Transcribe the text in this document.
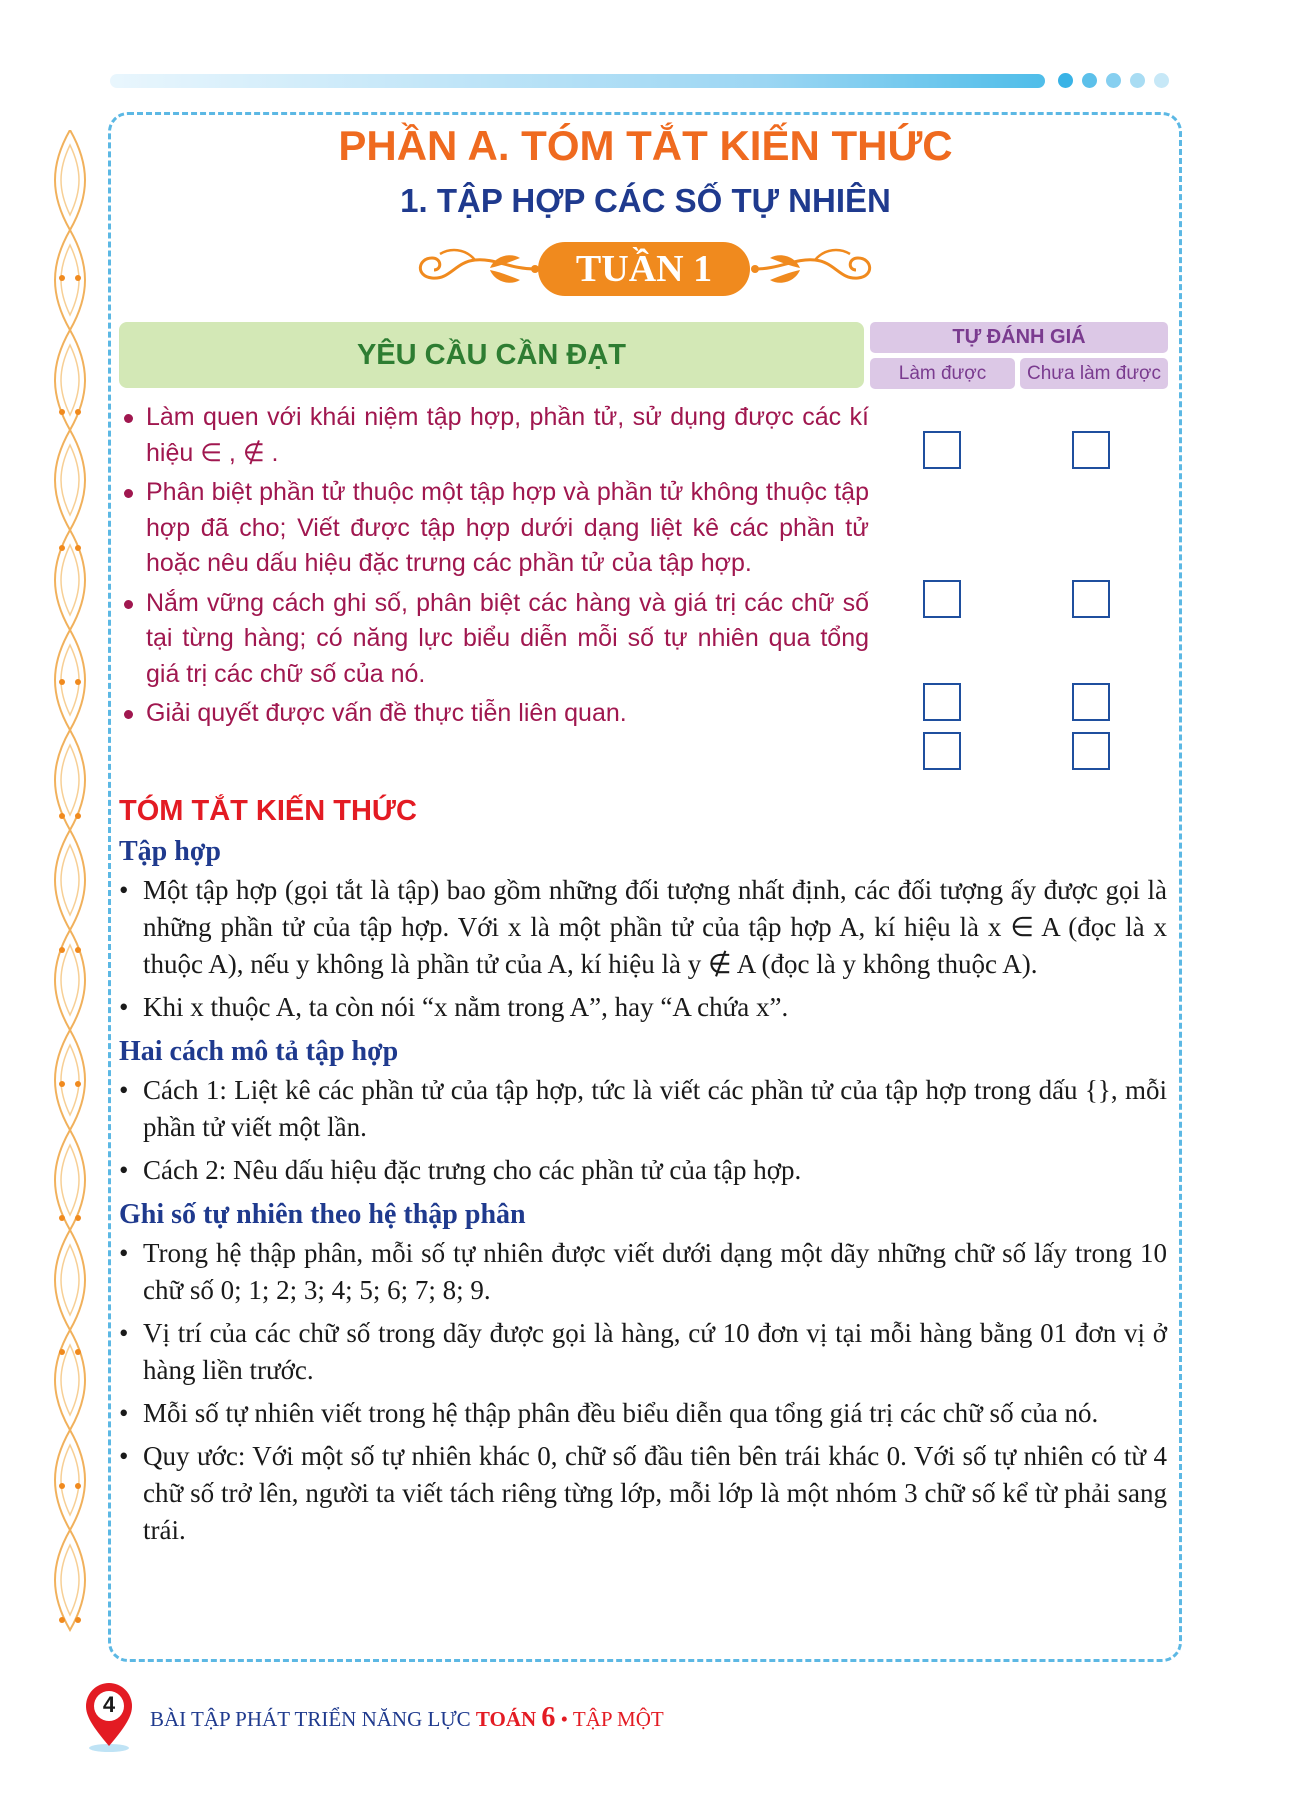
PHẦN A. TÓM TẮT KIẾN THỨC
1. TẬP HỢP CÁC SỐ TỰ NHIÊN
TUẦN 1
YÊU CẦU CẦN ĐẠT
TỰ ĐÁNH GIÁ
Làm được	Chưa làm được
Làm quen với khái niệm tập hợp, phần tử, sử dụng được các kí hiệu ∈ , ∉ .
Phân biệt phần tử thuộc một tập hợp và phần tử không thuộc tập hợp đã cho; Viết được tập hợp dưới dạng liệt kê các phần tử hoặc nêu dấu hiệu đặc trưng các phần tử của tập hợp.
Nắm vững cách ghi số, phân biệt các hàng và giá trị các chữ số tại từng hàng; có năng lực biểu diễn mỗi số tự nhiên qua tổng giá trị các chữ số của nó.
Giải quyết được vấn đề thực tiễn liên quan.
TÓM TẮT KIẾN THỨC
Tập hợp

• Một tập hợp (gọi tắt là tập) bao gồm những đối tượng nhất định, các đối tượng ấy được gọi là những phần tử của tập hợp. Với x là một phần tử của tập hợp A, kí hiệu là x ∈ A (đọc là x thuộc A), nếu y không là phần tử của A, kí hiệu là y ∉ A (đọc là y không thuộc A).

• Khi x thuộc A, ta còn nói “x nằm trong A”, hay “A chứa x”.

Hai cách mô tả tập hợp

• Cách 1: Liệt kê các phần tử của tập hợp, tức là viết các phần tử của tập hợp trong dấu {}, mỗi phần tử viết một lần.

• Cách 2: Nêu dấu hiệu đặc trưng cho các phần tử của tập hợp.

Ghi số tự nhiên theo hệ thập phân

• Trong hệ thập phân, mỗi số tự nhiên được viết dưới dạng một dãy những chữ số lấy trong 10 chữ số 0; 1; 2; 3; 4; 5; 6; 7; 8; 9.

• Vị trí của các chữ số trong dãy được gọi là hàng, cứ 10 đơn vị tại mỗi hàng bằng 01 đơn vị ở hàng liền trước.

• Mỗi số tự nhiên viết trong hệ thập phân đều biểu diễn qua tổng giá trị các chữ số của nó.

• Quy ước: Với một số tự nhiên khác 0, chữ số đầu tiên bên trái khác 0. Với số tự nhiên có từ 4 chữ số trở lên, người ta viết tách riêng từng lớp, mỗi lớp là một nhóm 3 chữ số kể từ phải sang trái.

4
BÀI TẬP PHÁT TRIỂN NĂNG LỰC TOÁN 6 • TẬP MỘT
